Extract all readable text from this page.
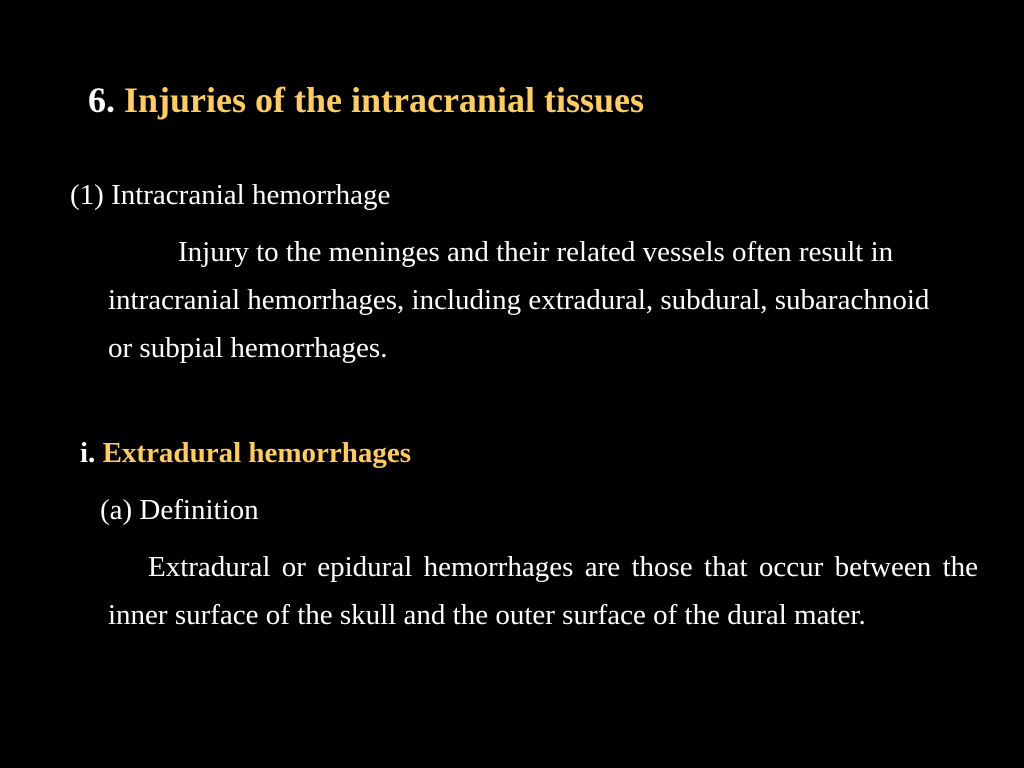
6. Injuries of the intracranial tissues
(1) Intracranial hemorrhage
Injury to the meninges and their related vessels often result in intracranial hemorrhages, including extradural, subdural, subarachnoid or subpial hemorrhages.
i. Extradural hemorrhages
(a) Definition
Extradural or epidural hemorrhages are those that occur between the inner surface of the skull and the outer surface of the dural mater.
